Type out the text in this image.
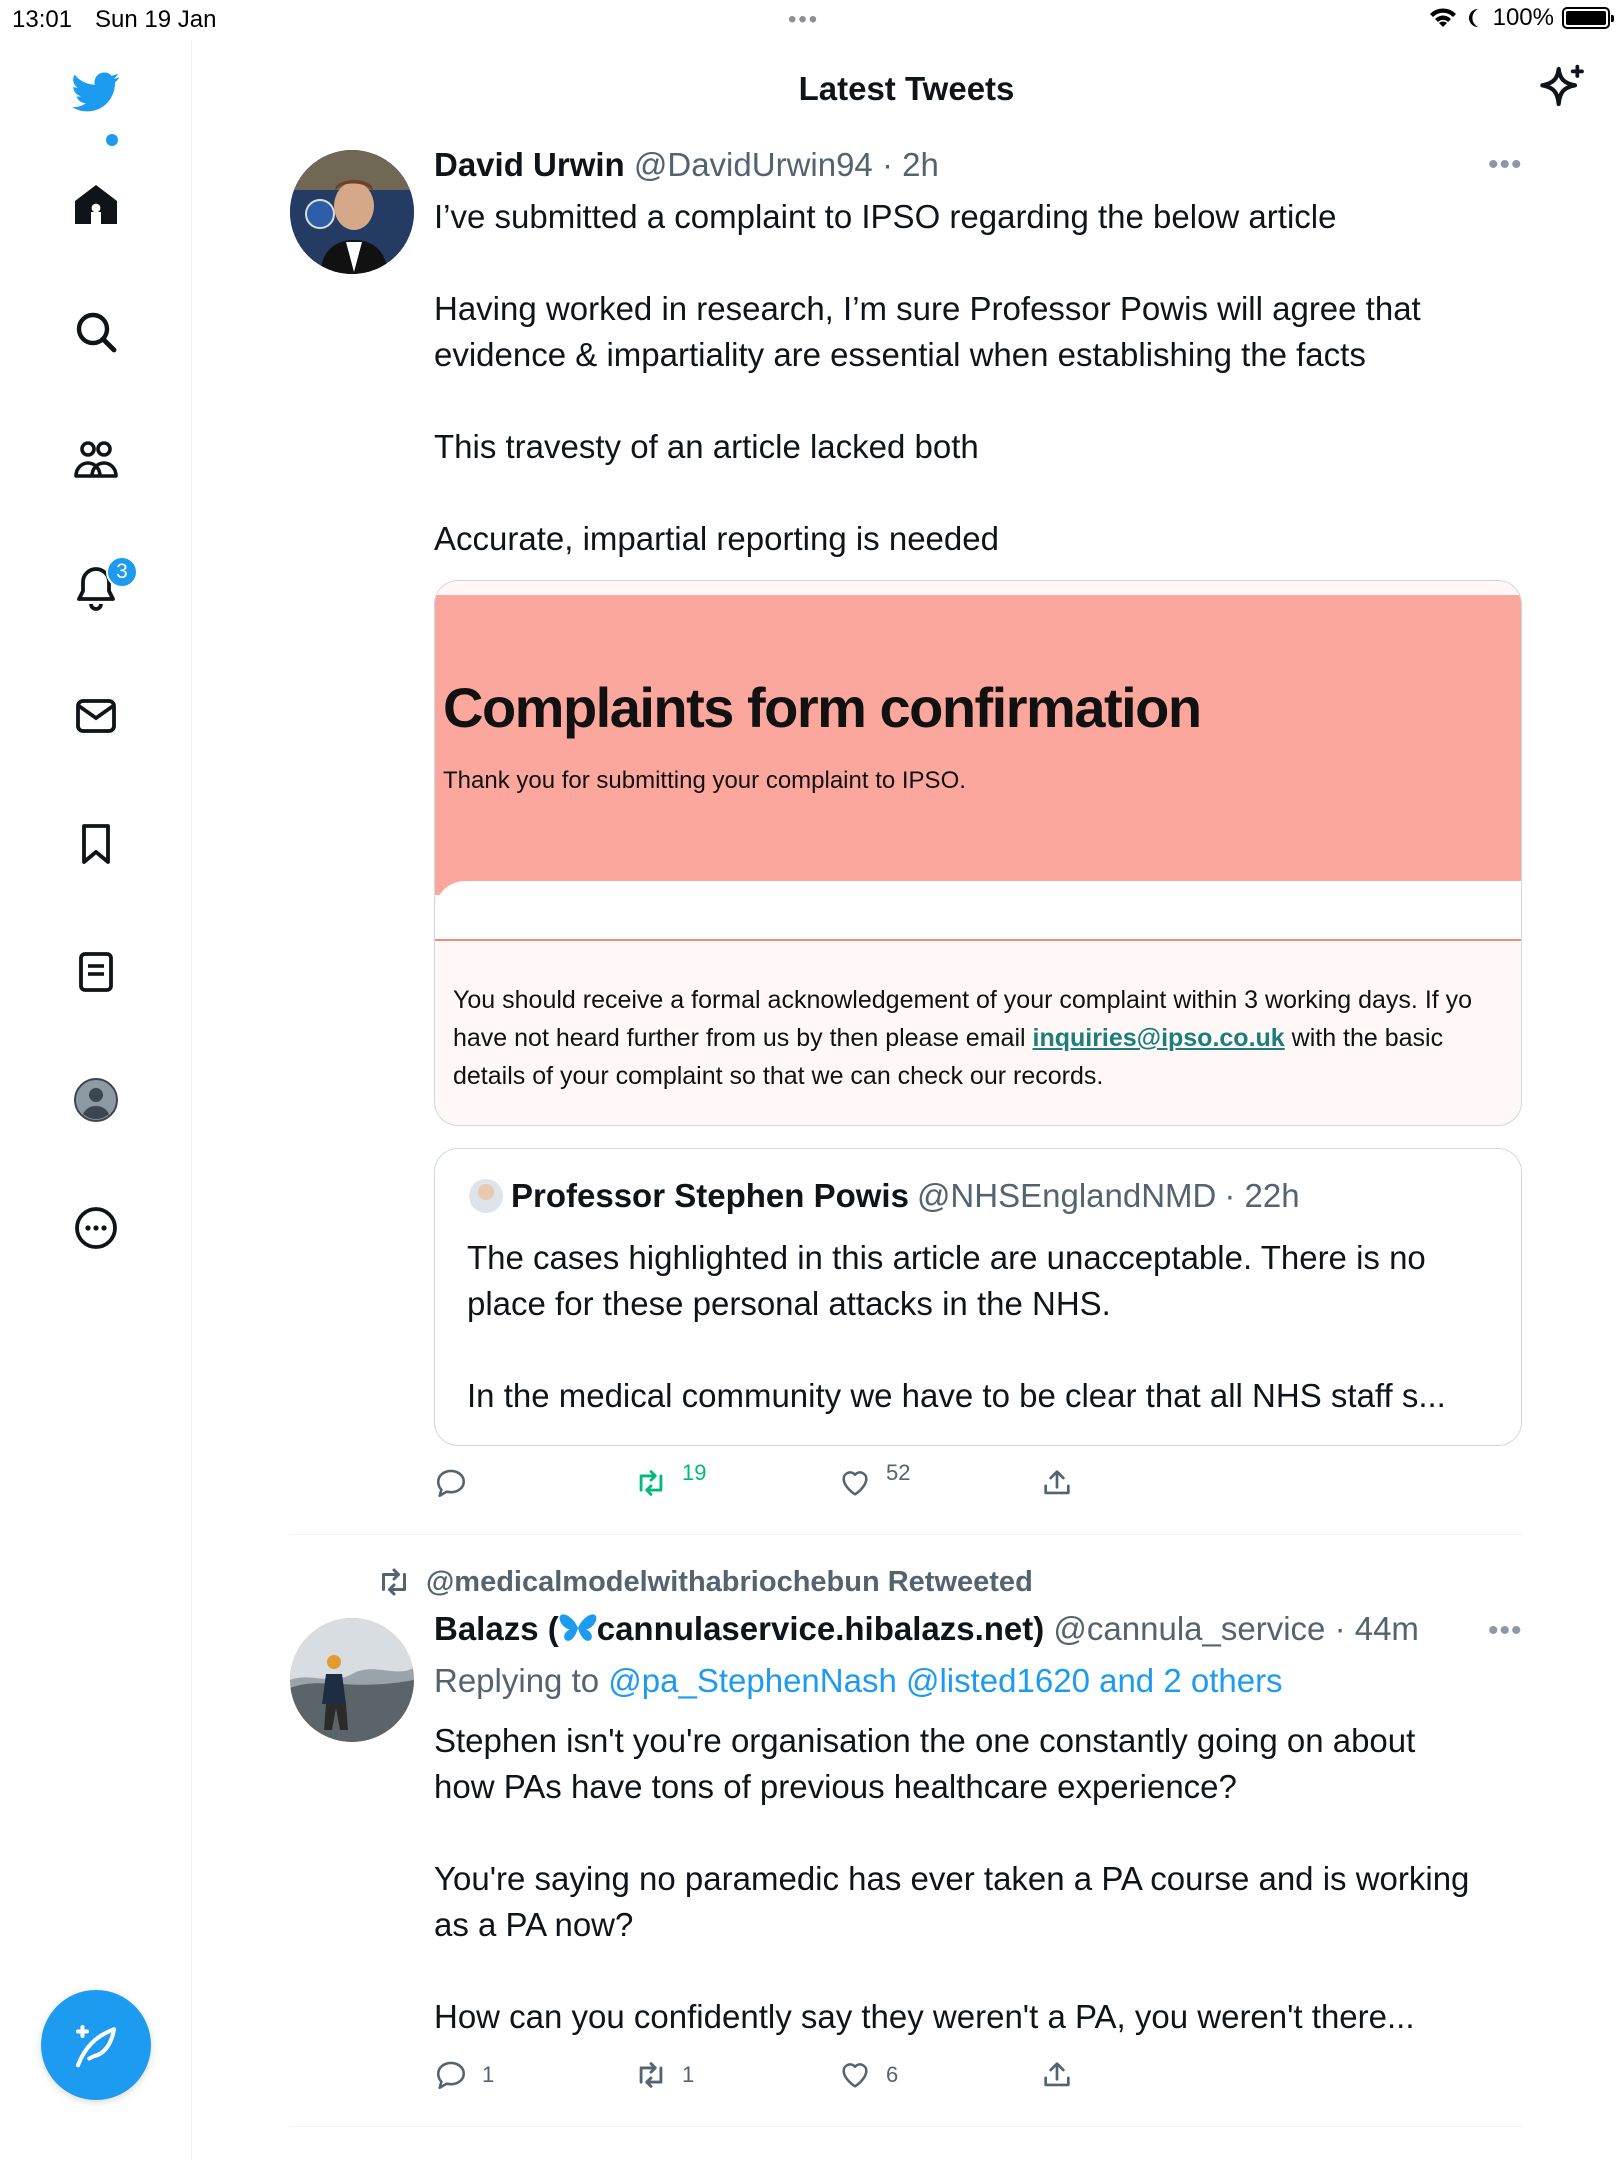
13:01 Sun 19 Jan	•••	100%
3
Latest Tweets
David Urwin @DavidUrwin94 · 2h	•••
I’ve submitted a complaint to IPSO regarding the below article
Having worked in research, I’m sure Professor Powis will agree that
evidence & impartiality are essential when establishing the facts
This travesty of an article lacked both
Accurate, impartial reporting is needed
Complaints form confirmation
Thank you for submitting your complaint to IPSO.
You should receive a formal acknowledgement of your complaint within 3 working days. If yo
have not heard further from us by then please email inquiries@ipso.co.uk with the basic
details of your complaint so that we can check our records.
Professor Stephen Powis @NHSEnglandNMD · 22h
The cases highlighted in this article are unacceptable. There is no
place for these personal attacks in the NHS.
In the medical community we have to be clear that all NHS staff s...
19	52
@medicalmodelwithabriochebun Retweeted
Balazs ( cannulaservice.hibalazs.net) @cannula_service · 44m •••
Replying to @pa_StephenNash @listed1620 and 2 others
Stephen isn't you're organisation the one constantly going on about
how PAs have tons of previous healthcare experience?
You're saying no paramedic has ever taken a PA course and is working
as a PA now?
How can you confidently say they weren't a PA, you weren't there...
1	1	6
